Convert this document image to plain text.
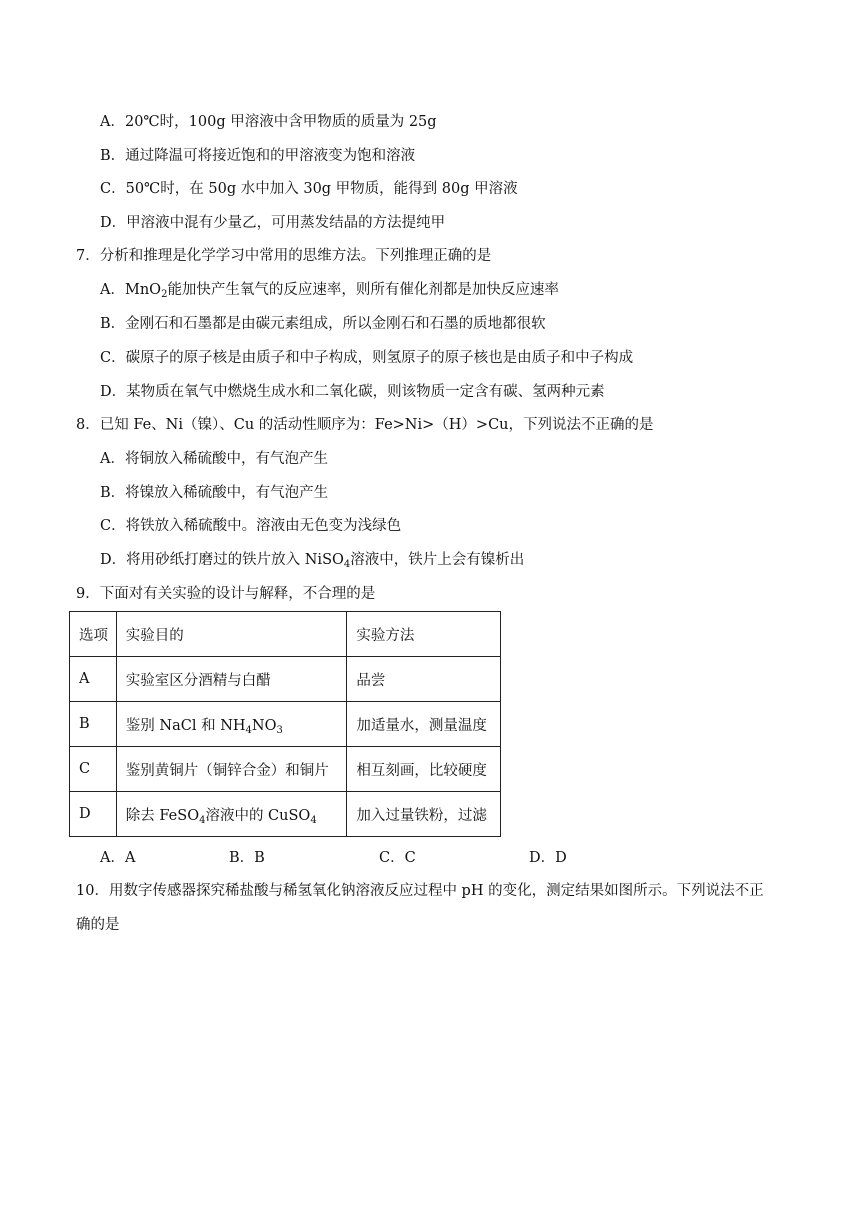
A．20℃时，100g 甲溶液中含甲物质的质量为 25g
B．通过降温可将接近饱和的甲溶液变为饱和溶液
C．50℃时，在 50g 水中加入 30g 甲物质，能得到 80g 甲溶液
D．甲溶液中混有少量乙，可用蒸发结晶的方法提纯甲
7．分析和推理是化学学习中常用的思维方法。下列推理正确的是
A．MnO$_2$能加快产生氧气的反应速率，则所有催化剂都是加快反应速率
B．金刚石和石墨都是由碳元素组成，所以金刚石和石墨的质地都很软
C．碳原子的原子核是由质子和中子构成，则氢原子的原子核也是由质子和中子构成
D．某物质在氧气中燃烧生成水和二氧化碳，则该物质一定含有碳、氢两种元素
8．已知 Fe、Ni（镍）、Cu 的活动性顺序为：Fe>Ni>（H）>Cu，下列说法不正确的是
A．将铜放入稀硫酸中，有气泡产生
B．将镍放入稀硫酸中，有气泡产生
C．将铁放入稀硫酸中。溶液由无色变为浅绿色
D．将用砂纸打磨过的铁片放入 NiSO$_4$溶液中，铁片上会有镍析出
9．下面对有关实验的设计与解释，不合理的是
选项	实验目的	实验方法
A	实验室区分酒精与白醋	品尝
B	鉴别 NaCl 和 $NH_4NO_3$	加适量水，测量温度
C	鉴别黄铜片（铜锌合金）和铜片	相互刻画，比较硬度
D	除去 FeSO$_4$溶液中的 CuSO$_4$	加入过量铁粉，过滤
A．A	B．B	C．C	D．D
10．用数字传感器探究稀盐酸与稀氢氧化钠溶液反应过程中 pH 的变化，测定结果如图所示。下列说法不正
确的是
